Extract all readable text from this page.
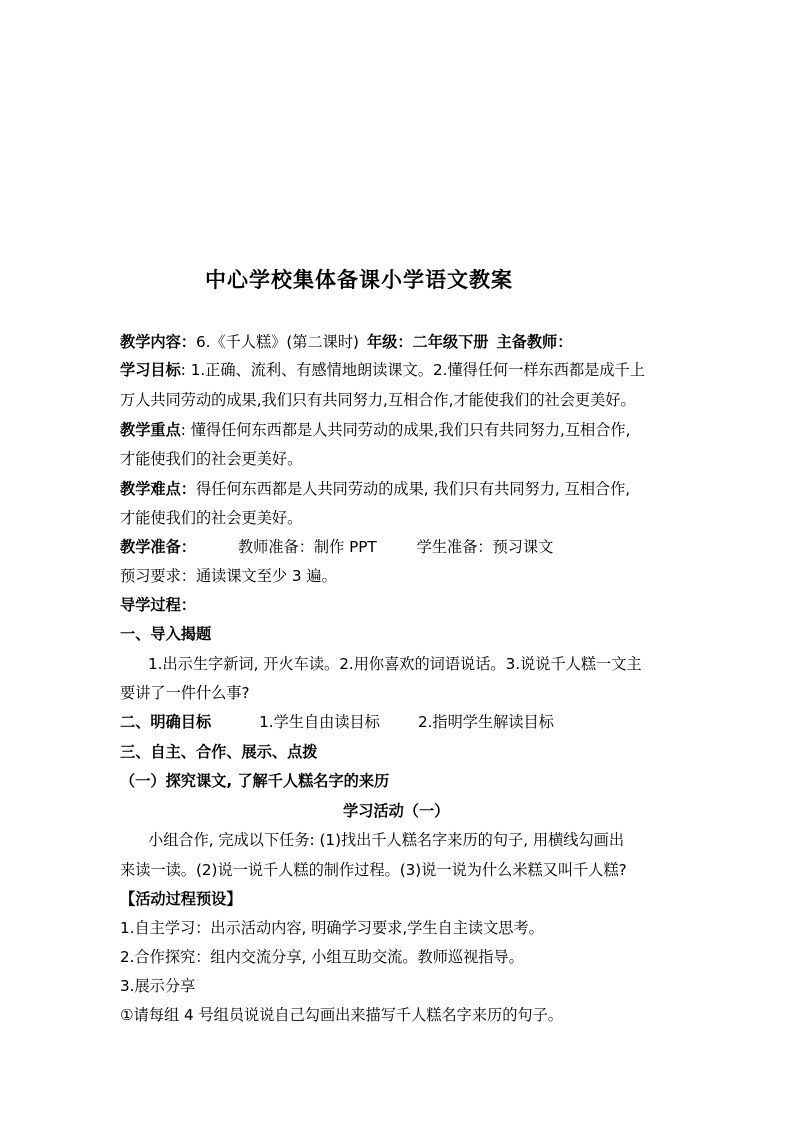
中心学校集体备课小学语文教案
教学内容：6.《千人糕》(第二课时) 年级：二年级下册 主备教师：
学习目标: 1.正确、流利、有感情地朗读课文。2.懂得任何一样东西都是成千上
万人共同劳动的成果,我们只有共同努力,互相合作,才能使我们的社会更美好。
教学重点: 懂得任何东西都是人共同劳动的成果,我们只有共同努力,互相合作,
才能使我们的社会更美好。
教学难点：得任何东西都是人共同劳动的成果, 我们只有共同努力, 互相合作,
才能使我们的社会更美好。
教学准备：	教师准备：制作 PPT	学生准备：预习课文
预习要求：通读课文至少 3 遍。
导学过程：
一、导入揭题
1.出示生字新词, 开火车读。2.用你喜欢的词语说话。3.说说千人糕一文主
要讲了一件什么事?
二、明确目标	1.学生自由读目标	2.指明学生解读目标
三、自主、合作、展示、点拨
（一）探究课文, 了解千人糕名字的来历
学习活动（一）
小组合作, 完成以下任务: (1)找出千人糕名字来历的句子, 用横线勾画出
来读一读。(2)说一说千人糕的制作过程。(3)说一说为什么米糕又叫千人糕?
【活动过程预设】
1.自主学习：出示活动内容, 明确学习要求,学生自主读文思考。
2.合作探究：组内交流分享, 小组互助交流。教师巡视指导。
3.展示分享
①请每组 4 号组员说说自己勾画出来描写千人糕名字来历的句子。
